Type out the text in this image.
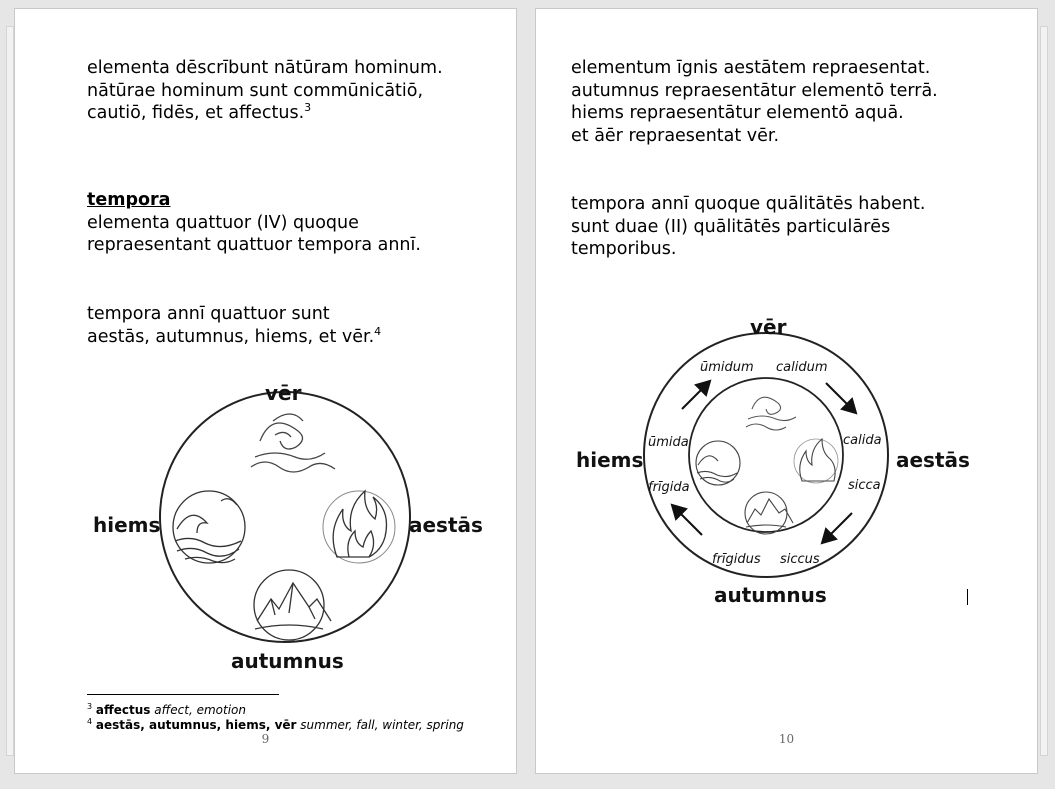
elementa dēscrībunt nātūram hominum.

nātūrae hominum sunt commūnicātiō,

cautiō, fidēs, et affectus.$^3$

tempora

elementa quattuor (IV) quoque

repraesentant quattuor tempora annī.

tempora annī quattuor sunt

aestās, autumnus, hiems, et vēr.$^4$

vēr
hiems	aestās
autumnus
$^3$ affectus affect, emotion
$^4$ aestās, autumnus, hiems, vēr summer, fall, winter, spring
9

elementum īgnis aestātem repraesentat.

autumnus repraesentātur elementō terrā.

hiems repraesentātur elementō aquā.

et āēr repraesentat vēr.

tempora annī quoque quālitātēs habent.

sunt duae (II) quālitātēs particulārēs

temporibus.

vēr
hiems	aestās
autumnus
ūmidum calidum
calida
sicca
frīgidus siccus
ūmida
frīgida
10
